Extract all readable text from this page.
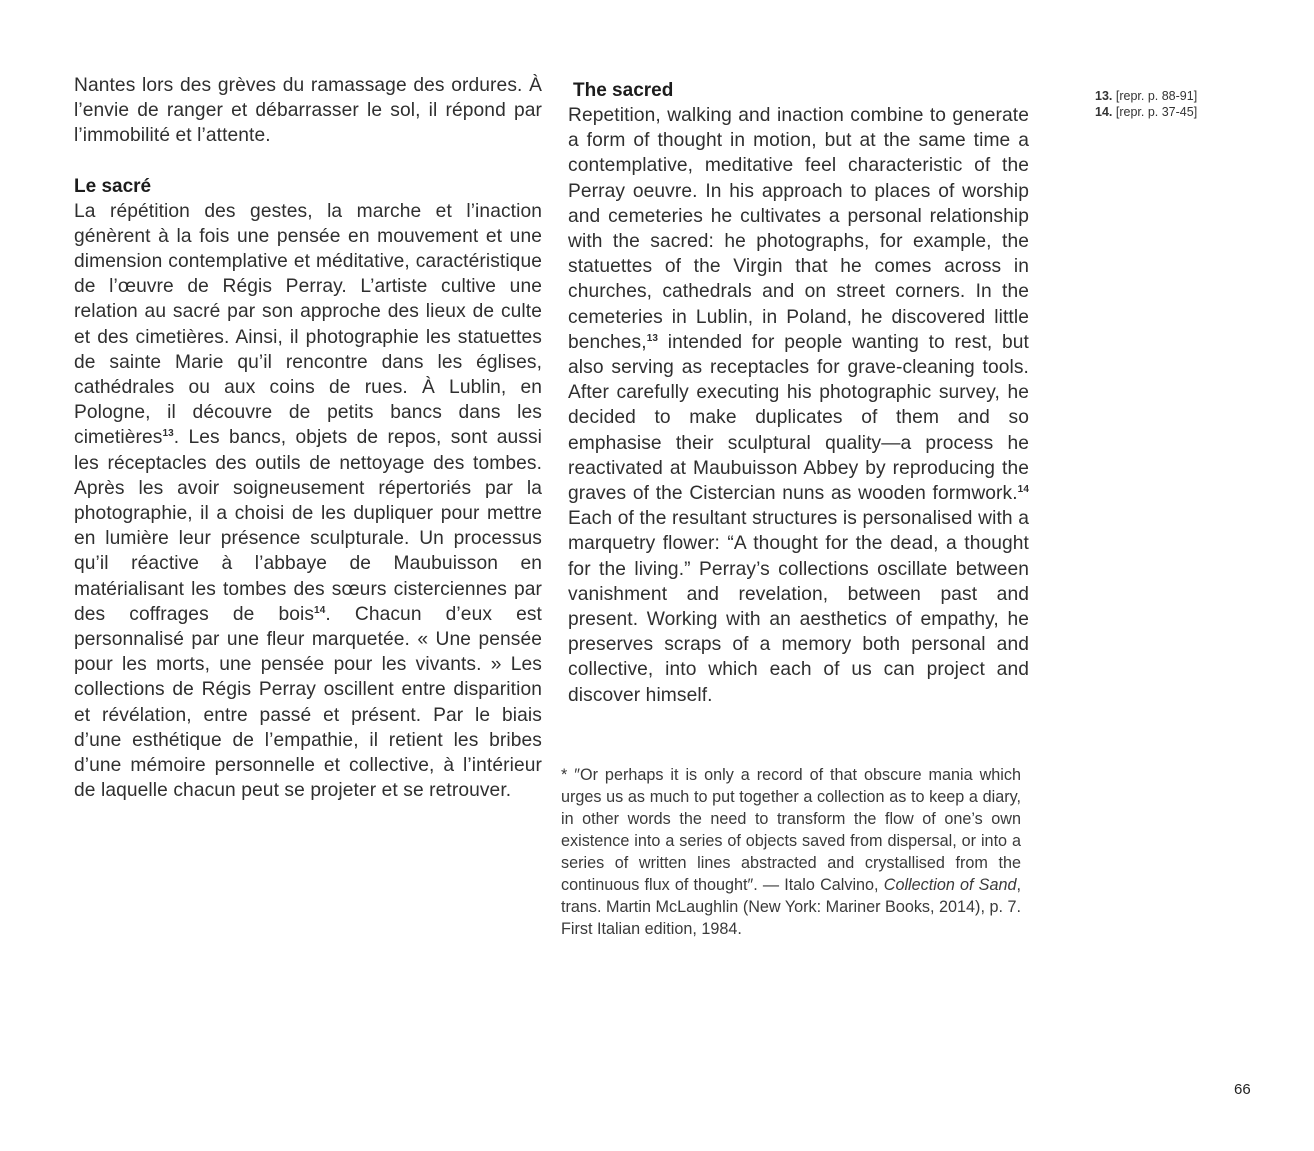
Nantes lors des grèves du ramassage des ordures. À l’envie de ranger et débarrasser le sol, il répond par l’immobilité et l’attente.

Le sacré

La répétition des gestes, la marche et l’inaction génèrent à la fois une pensée en mouvement et une dimension contemplative et méditative, caractéristique de l’œuvre de Régis Perray. L’artiste cultive une relation au sacré par son approche des lieux de culte et des cimetières. Ainsi, il photographie les statuettes de sainte Marie qu’il rencontre dans les églises, cathédrales ou aux coins de rues. À Lublin, en Pologne, il découvre de petits bancs dans les cimetières$^{13}$. Les bancs, objets de repos, sont aussi les réceptacles des outils de nettoyage des tombes. Après les avoir soigneusement répertoriés par la photographie, il a choisi de les dupliquer pour mettre en lumière leur présence sculpturale. Un processus qu’il réactive à l’abbaye de Maubuisson en matérialisant les tombes des sœurs cisterciennes par des coffrages de bois$^{14}$. Chacun d’eux est personnalisé par une fleur marquetée. « Une pensée pour les morts, une pensée pour les vivants. » Les collections de Régis Perray oscillent entre disparition et révélation, entre passé et présent. Par le biais d’une esthétique de l’empathie, il retient les bribes d’une mémoire personnelle et collective, à l’intérieur de laquelle chacun peut se projeter et se retrouver.

The sacred

Repetition, walking and inaction combine to generate a form of thought in motion, but at the same time a contemplative, meditative feel characteristic of the Perray oeuvre. In his approach to places of worship and cemeteries he cultivates a personal relationship with the sacred: he photographs, for example, the statuettes of the Virgin that he comes across in churches, cathedrals and on street corners. In the cemeteries in Lublin, in Poland, he discovered little benches,$^{13}$ intended for people wanting to rest, but also serving as receptacles for grave-cleaning tools. After carefully executing his photographic survey, he decided to make duplicates of them and so emphasise their sculptural quality—a process he reactivated at Maubuisson Abbey by reproducing the graves of the Cistercian nuns as wooden formwork.$^{14}$ Each of the resultant structures is personalised with a marquetry flower: “A thought for the dead, a thought for the living.” Perray’s collections oscillate between vanishment and revelation, between past and present. Working with an aesthetics of empathy, he preserves scraps of a memory both personal and collective, into which each of us can project and discover himself.

* ″Or perhaps it is only a record of that obscure mania which urges us as much to put together a collection as to keep a diary, in other words the need to transform the flow of one’s own existence into a series of objects saved from dispersal, or into a series of written lines abstracted and crystallised from the continuous flux of thought″. — Italo Calvino, Collection of Sand, trans. Martin McLaughlin (New York: Mariner Books, 2014), p. 7. First Italian edition, 1984.

13. [repr. p. 88-91]
14. [repr. p. 37-45]
66
